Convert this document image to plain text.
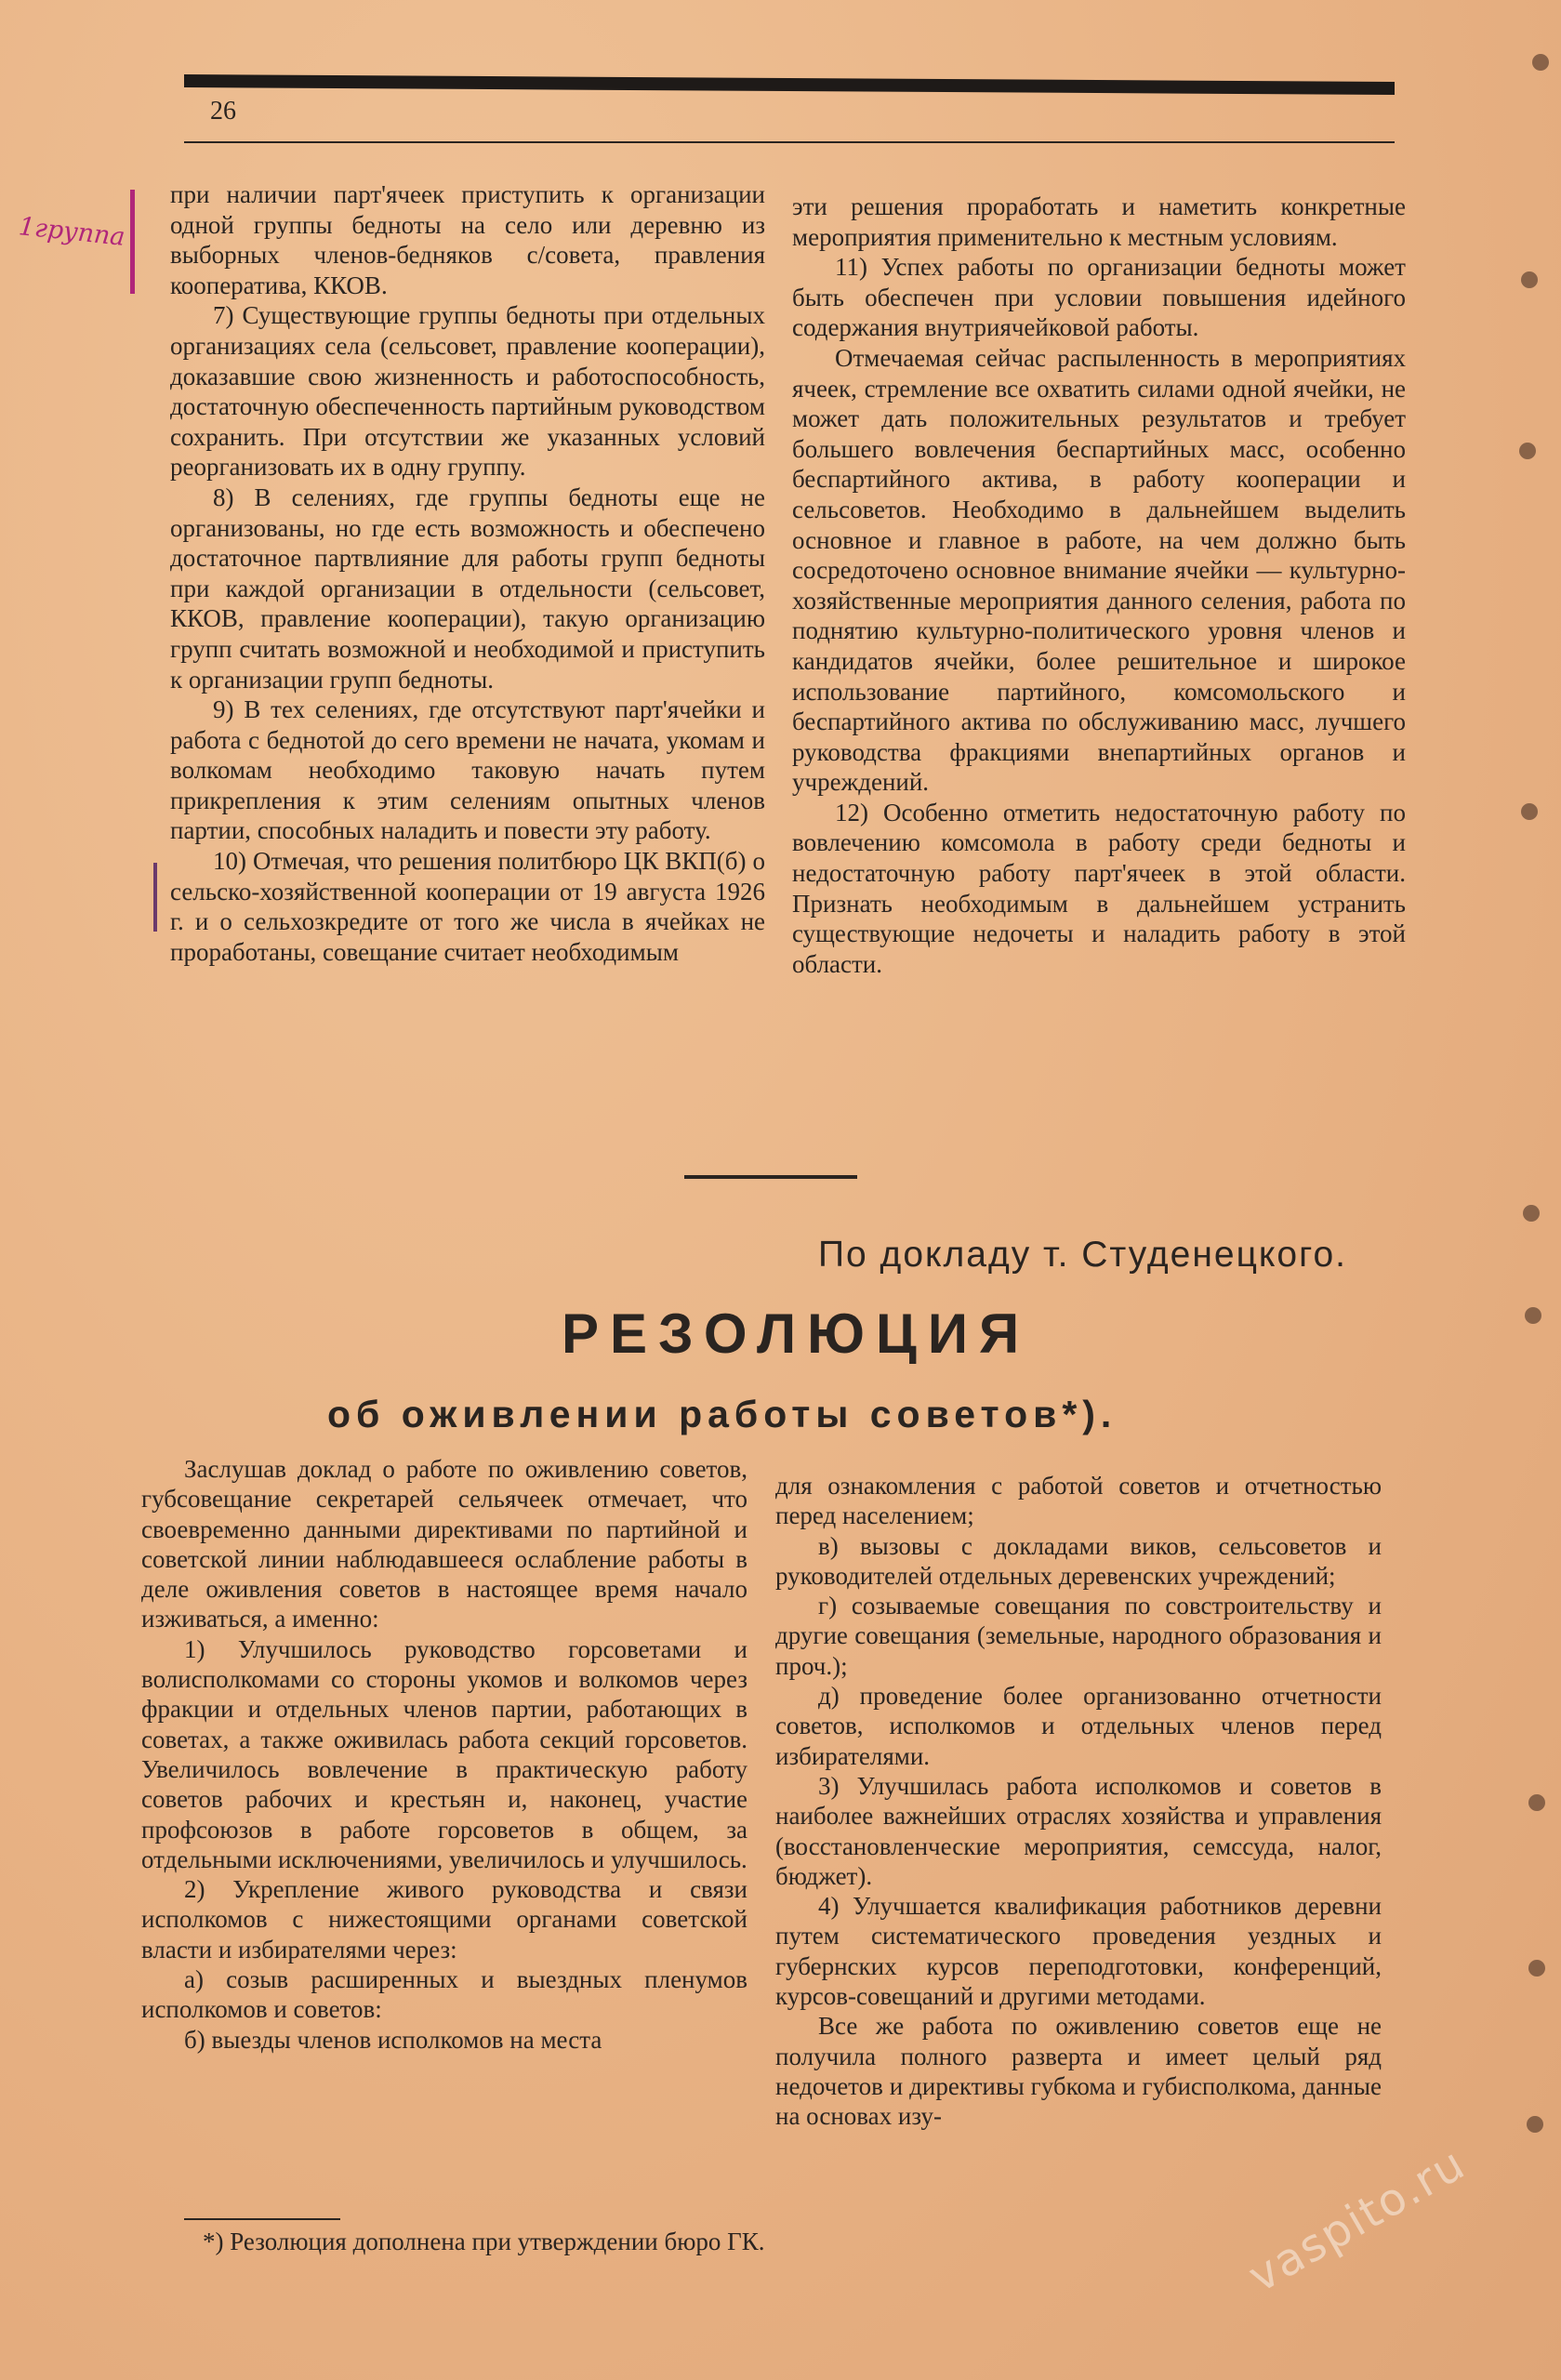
26
1группа

при наличии парт'ячеек приступить к организации одной группы бедноты на село или деревню из выборных членов-бедняков с/совета, правления кооператива, ККОВ.

7) Существующие группы бедноты при отдельных организациях села (сельсовет, правление кооперации), доказавшие свою жизненность и работоспособность, достаточную обеспеченность партийным руководством сохранить. При отсутствии же указанных условий реорганизовать их в одну группу.

8) В селениях, где группы бедноты еще не организованы, но где есть возможность и обеспечено достаточное партвлияние для работы групп бедноты при каждой организации в отдельности (сельсовет, ККОВ, правление кооперации), такую организацию групп считать возможной и необходимой и приступить к организации групп бедноты.

9) В тех селениях, где отсутствуют парт'ячейки и работа с беднотой до сего времени не начата, укомам и волкомам необходимо таковую начать путем прикрепления к этим селениям опытных членов партии, способных наладить и повести эту работу.

10) Отмечая, что решения политбюро ЦК ВКП(б) о сельско-хозяйственной кооперации от 19 августа 1926 г. и о сельхозкредите от того же числа в ячейках не проработаны, совещание считает необходимым

эти решения проработать и наметить конкретные мероприятия применительно к местным условиям.

11) Успех работы по организации бедноты может быть обеспечен при условии повышения идейного содержания внутриячейковой работы.

Отмечаемая сейчас распыленность в мероприятиях ячеек, стремление все охватить силами одной ячейки, не может дать положительных результатов и требует большего вовлечения беспартийных масс, особенно беспартийного актива, в работу кооперации и сельсоветов. Необходимо в дальнейшем выделить основное и главное в работе, на чем должно быть сосредоточено основное внимание ячейки — культурно-хозяйственные мероприятия данного селения, работа по поднятию культурно-политического уровня членов и кандидатов ячейки, более решительное и широкое использование партийного, комсомольского и беспартийного актива по обслуживанию масс, лучшего руководства фракциями внепартийных органов и учреждений.

12) Особенно отметить недостаточную работу по вовлечению комсомола в работу среди бедноты и недостаточную работу парт'ячеек в этой области. Признать необходимым в дальнейшем устранить существующие недочеты и наладить работу в этой области.

По докладу т. Студенецкого.
РЕЗОЛЮЦИЯ
об оживлении работы советов*).

Заслушав доклад о работе по оживлению советов, губсовещание секретарей сельячеек отмечает, что своевременно данными директивами по партийной и советской линии наблюдавшееся ослабление работы в деле оживления советов в настоящее время начало изживаться, а именно:

1) Улучшилось руководство горсоветами и волисполкомами со стороны укомов и волкомов через фракции и отдельных членов партии, работающих в советах, а также оживилась работа секций горсоветов. Увеличилось вовлечение в практическую работу советов рабочих и крестьян и, наконец, участие профсоюзов в работе горсоветов в общем, за отдельными исключениями, увеличилось и улучшилось.

2) Укрепление живого руководства и связи исполкомов с нижестоящими органами советской власти и избирателями через:

а) созыв расширенных и выездных пленумов исполкомов и советов:

б) выезды членов исполкомов на места

для ознакомления с работой советов и отчетностью перед населением;

в) вызовы с докладами виков, сельсоветов и руководителей отдельных деревенских учреждений;

г) созываемые совещания по совстроительству и другие совещания (земельные, народного образования и проч.);

д) проведение более организованно отчетности советов, исполкомов и отдельных членов перед избирателями.

3) Улучшилась работа исполкомов и советов в наиболее важнейших отраслях хозяйства и управления (восстановленческие мероприятия, семссуда, налог, бюджет).

4) Улучшается квалификация работников деревни путем систематического проведения уездных и губернских курсов переподготовки, конференций, курсов-совещаний и другими методами.

Все же работа по оживлению советов еще не получила полного разверта и имеет целый ряд недочетов и директивы губкома и губисполкома, данные на основах изу-

*) Резолюция дополнена при утверждении бюро ГК.	vaspito.ru
